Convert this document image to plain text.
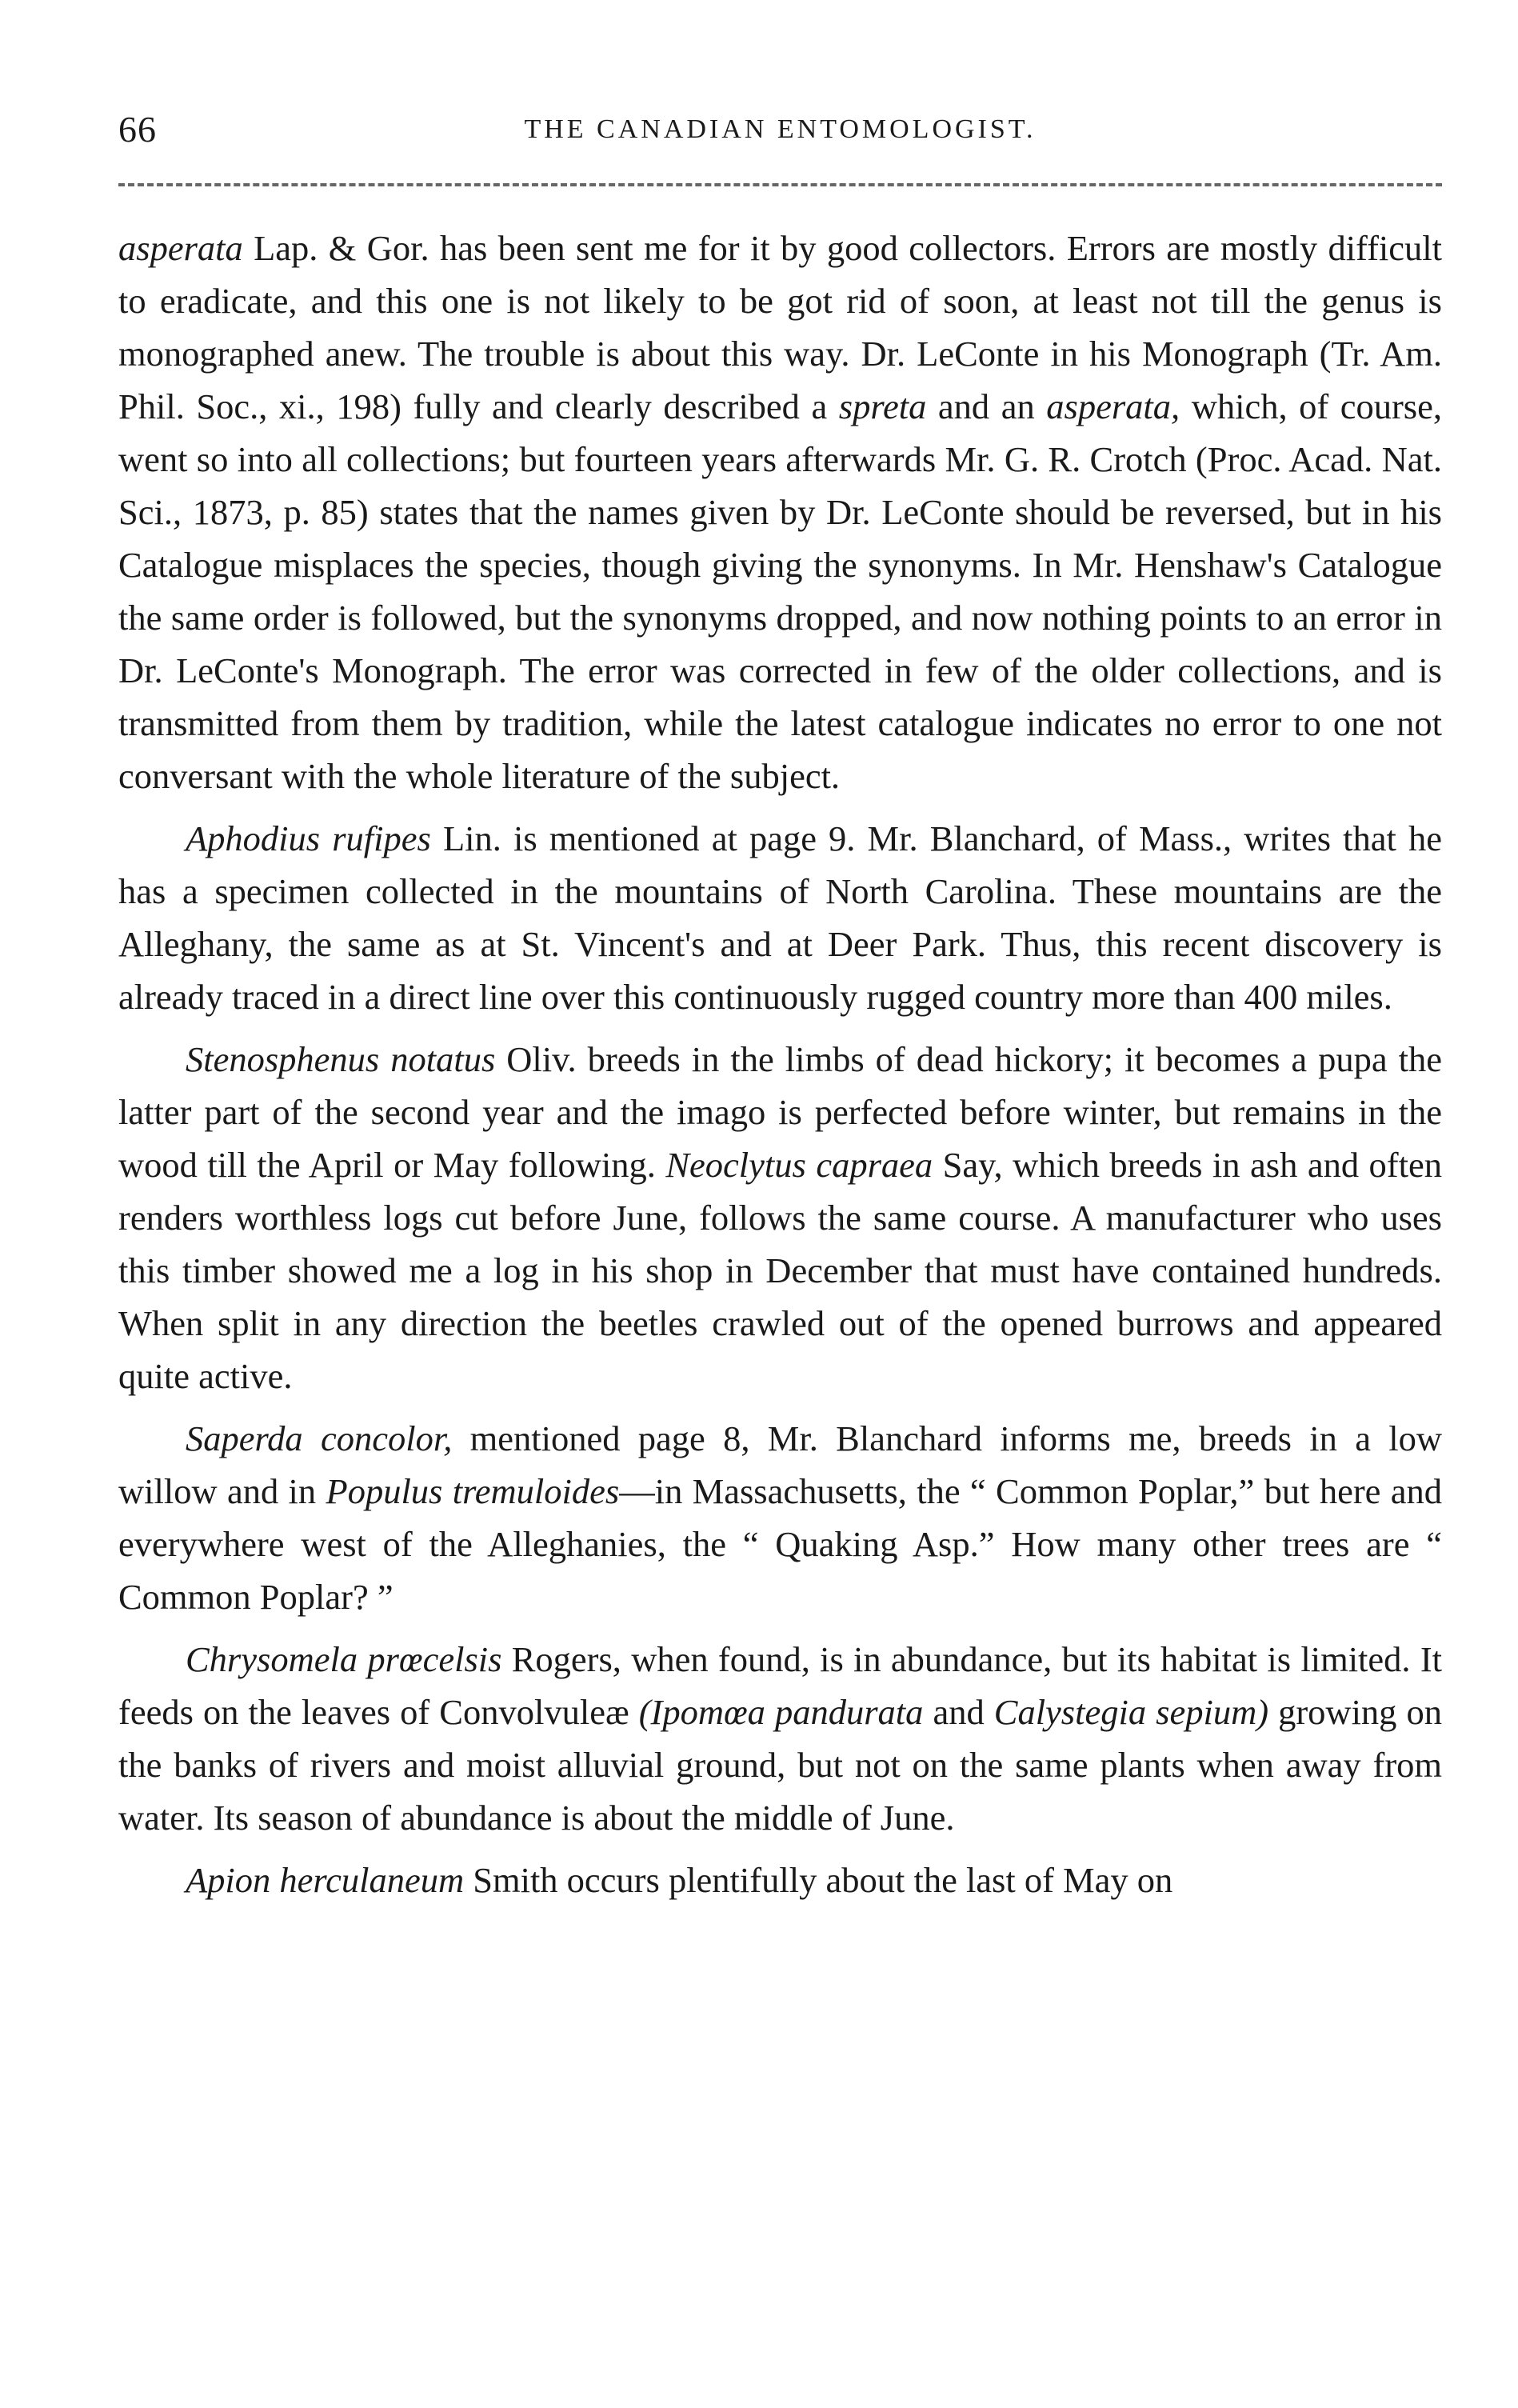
66	THE CANADIAN ENTOMOLOGIST.

asperata Lap. & Gor. has been sent me for it by good collectors. Errors are mostly difficult to eradicate, and this one is not likely to be got rid of soon, at least not till the genus is monographed anew. The trouble is about this way. Dr. LeConte in his Monograph (Tr. Am. Phil. Soc., xi., 198) fully and clearly described a spreta and an asperata, which, of course, went so into all collections; but fourteen years afterwards Mr. G. R. Crotch (Proc. Acad. Nat. Sci., 1873, p. 85) states that the names given by Dr. LeConte should be reversed, but in his Catalogue misplaces the species, though giving the synonyms. In Mr. Henshaw's Catalogue the same order is followed, but the synonyms dropped, and now nothing points to an error in Dr. LeConte's Monograph. The error was corrected in few of the older collections, and is transmitted from them by tradition, while the latest catalogue indicates no error to one not conversant with the whole literature of the subject.

Aphodius rufipes Lin. is mentioned at page 9. Mr. Blanchard, of Mass., writes that he has a specimen collected in the mountains of North Carolina. These mountains are the Alleghany, the same as at St. Vincent's and at Deer Park. Thus, this recent discovery is already traced in a direct line over this continuously rugged country more than 400 miles.

Stenosphenus notatus Oliv. breeds in the limbs of dead hickory; it becomes a pupa the latter part of the second year and the imago is perfected before winter, but remains in the wood till the April or May following. Neoclytus capraea Say, which breeds in ash and often renders worthless logs cut before June, follows the same course. A manufacturer who uses this timber showed me a log in his shop in December that must have contained hundreds. When split in any direction the beetles crawled out of the opened burrows and appeared quite active.

Saperda concolor, mentioned page 8, Mr. Blanchard informs me, breeds in a low willow and in Populus tremuloides—in Massachusetts, the “ Common Poplar,” but here and everywhere west of the Alleghanies, the “ Quaking Asp.” How many other trees are “ Common Poplar? ”

Chrysomela prœcelsis Rogers, when found, is in abundance, but its habitat is limited. It feeds on the leaves of Convolvuleæ (Ipomœa pandurata and Calystegia sepium) growing on the banks of rivers and moist alluvial ground, but not on the same plants when away from water. Its season of abundance is about the middle of June.

Apion herculaneum Smith occurs plentifully about the last of May on
